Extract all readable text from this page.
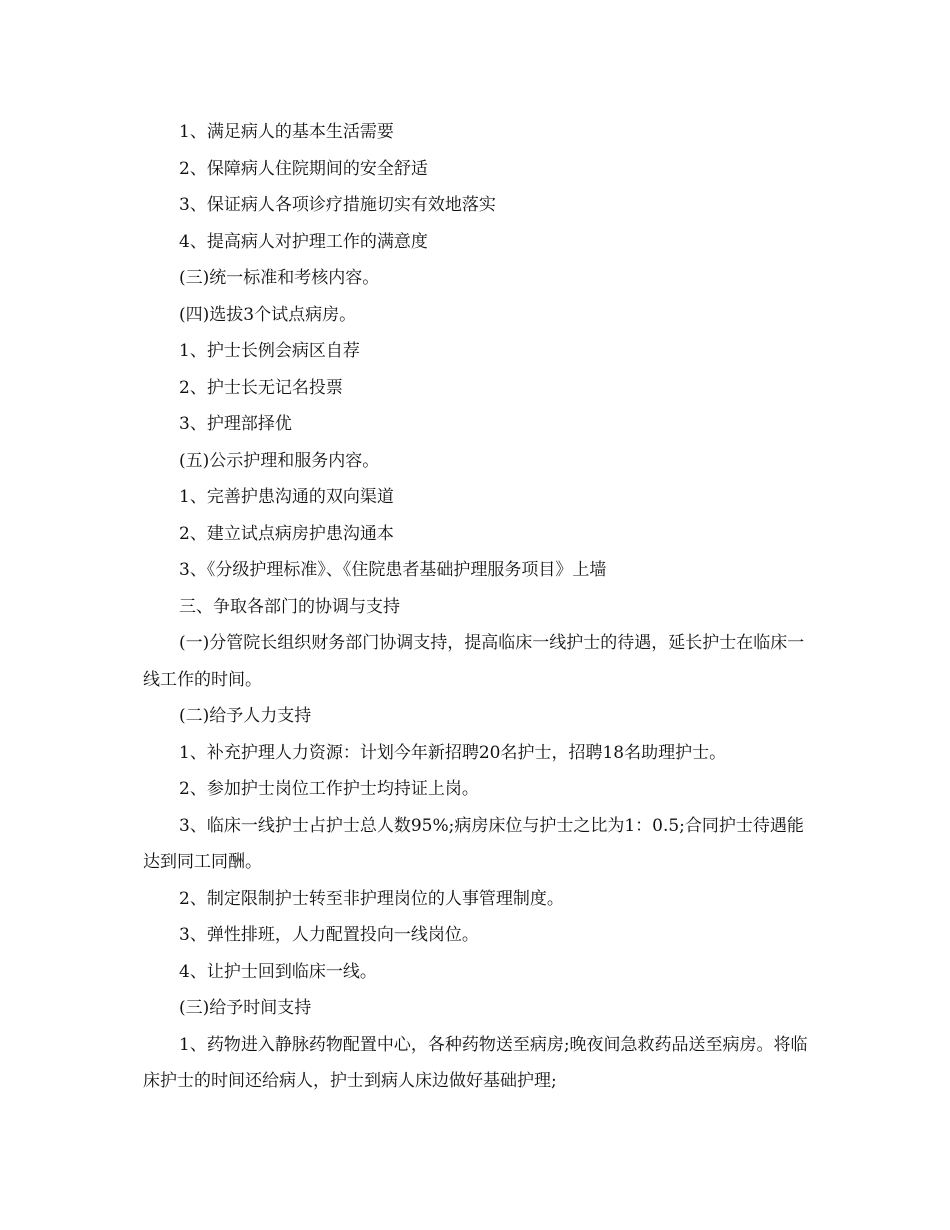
1、满足病人的基本生活需要

2、保障病人住院期间的安全舒适

3、保证病人各项诊疗措施切实有效地落实

4、提高病人对护理工作的满意度

(三)统一标准和考核内容。

(四)选拔3个试点病房。

1、护士长例会病区自荐

2、护士长无记名投票

3、护理部择优

(五)公示护理和服务内容。

1、完善护患沟通的双向渠道

2、建立试点病房护患沟通本

3、《分级护理标准》、《住院患者基础护理服务项目》上墙

三、争取各部门的协调与支持

(一)分管院长组织财务部门协调支持，提高临床一线护士的待遇，延长护士在临床一线工作的时间。

(二)给予人力支持

1、补充护理人力资源：计划今年新招聘20名护士，招聘18名助理护士。

2、参加护士岗位工作护士均持证上岗。

3、临床一线护士占护士总人数95%;病房床位与护士之比为1：0.5;合同护士待遇能达到同工同酬。

2、制定限制护士转至非护理岗位的人事管理制度。

3、弹性排班，人力配置投向一线岗位。

4、让护士回到临床一线。

(三)给予时间支持

1、药物进入静脉药物配置中心，各种药物送至病房;晚夜间急救药品送至病房。将临床护士的时间还给病人，护士到病人床边做好基础护理;
